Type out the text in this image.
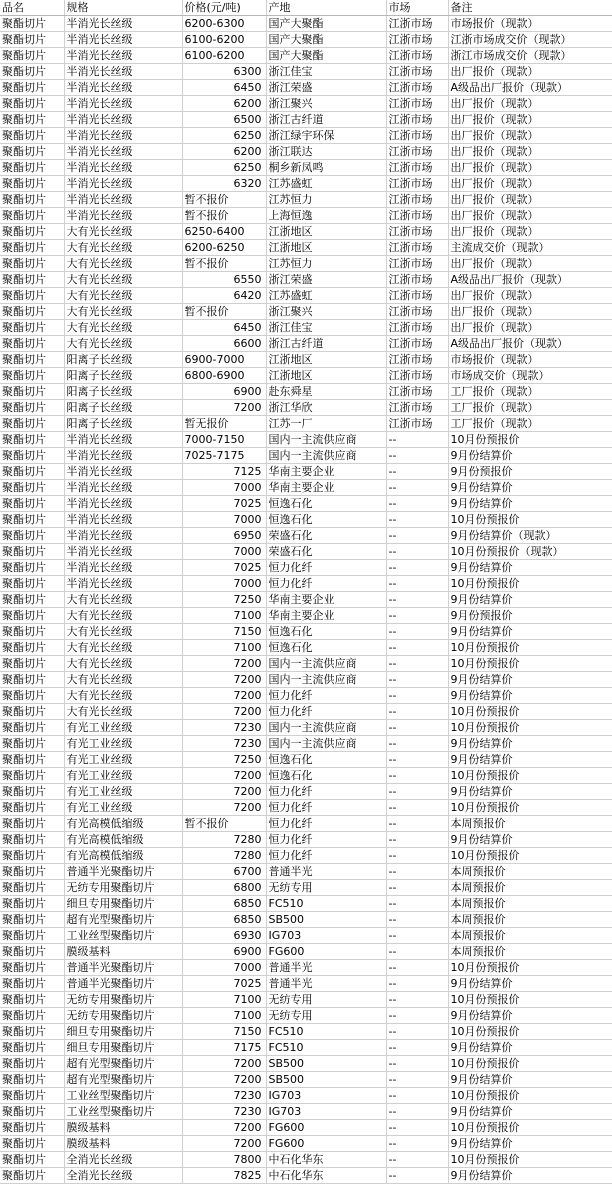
品名	规格	价格(元/吨)	产地	市场	备注
聚酯切片	半消光长丝级	6200-6300	国产大聚酯	江浙市场	市场报价（现款）
聚酯切片	半消光长丝级	6100-6200	国产大聚酯	江浙市场	江浙市场成交价（现款）
聚酯切片	半消光长丝级	6100-6200	国产大聚酯	江浙市场	浙江市场成交价（现款）
聚酯切片	半消光长丝级	6300	浙江佳宝	江浙市场	出厂报价（现款）
聚酯切片	半消光长丝级	6450	浙江荣盛	江浙市场	A级品出厂报价（现款）
聚酯切片	半消光长丝级	6200	浙江聚兴	江浙市场	出厂报价（现款）
聚酯切片	半消光长丝级	6500	浙江古纤道	江浙市场	出厂报价（现款）
聚酯切片	半消光长丝级	6250	浙江绿宇环保	江浙市场	出厂报价（现款）
聚酯切片	半消光长丝级	6200	浙江联达	江浙市场	出厂报价（现款）
聚酯切片	半消光长丝级	6250	桐乡新凤鸣	江浙市场	出厂报价（现款）
聚酯切片	半消光长丝级	6320	江苏盛虹	江浙市场	出厂报价（现款）
聚酯切片	半消光长丝级	暂不报价	江苏恒力	江浙市场	出厂报价（现款）
聚酯切片	半消光长丝级	暂不报价	上海恒逸	江浙市场	出厂报价（现款）
聚酯切片	大有光长丝级	6250-6400	江浙地区	江浙市场	出厂报价（现款）
聚酯切片	大有光长丝级	6200-6250	江浙地区	江浙市场	主流成交价（现款）
聚酯切片	大有光长丝级	暂不报价	江苏恒力	江浙市场	出厂报价（现款）
聚酯切片	大有光长丝级	6550	浙江荣盛	江浙市场	A级品出厂报价（现款）
聚酯切片	大有光长丝级	6420	江苏盛虹	江浙市场	出厂报价（现款）
聚酯切片	大有光长丝级	暂不报价	浙江聚兴	江浙市场	出厂报价（现款）
聚酯切片	大有光长丝级	6450	浙江佳宝	江浙市场	出厂报价（现款）
聚酯切片	大有光长丝级	6600	浙江古纤道	江浙市场	A级品出厂报价（现款）
聚酯切片	阳离子长丝级	6900-7000	江浙地区	江浙市场	市场报价（现款）
聚酯切片	阳离子长丝级	6800-6900	江浙地区	江浙市场	市场成交价（现款）
聚酯切片	阳离子长丝级	6900	赴东舜星	江浙市场	工厂报价（现款）
聚酯切片	阳离子长丝级	7200	浙江华欣	江浙市场	工厂报价（现款）
聚酯切片	阳离子长丝级	暂无报价	江苏一厂	江浙市场	工厂报价（现款）
聚酯切片	半消光长丝级	7000-7150	国内一主流供应商	--	10月份预报价
聚酯切片	半消光长丝级	7025-7175	国内一主流供应商	--	9月份结算价
聚酯切片	半消光长丝级	7125	华南主要企业	--	9月份预报价
聚酯切片	半消光长丝级	7000	华南主要企业	--	9月份结算价
聚酯切片	半消光长丝级	7025	恒逸石化	--	9月份结算价
聚酯切片	半消光长丝级	7000	恒逸石化	--	10月份预报价
聚酯切片	半消光长丝级	6950	荣盛石化	--	9月份结算价（现款）
聚酯切片	半消光长丝级	7000	荣盛石化	--	10月份预报价（现款）
聚酯切片	半消光长丝级	7025	恒力化纤	--	9月份结算价
聚酯切片	半消光长丝级	7000	恒力化纤	--	10月份预报价
聚酯切片	大有光长丝级	7250	华南主要企业	--	9月份结算价
聚酯切片	大有光长丝级	7100	华南主要企业	--	9月份预报价
聚酯切片	大有光长丝级	7150	恒逸石化	--	9月份结算价
聚酯切片	大有光长丝级	7100	恒逸石化	--	10月份预报价
聚酯切片	大有光长丝级	7200	国内一主流供应商	--	10月份预报价
聚酯切片	大有光长丝级	7200	国内一主流供应商	--	9月份结算价
聚酯切片	大有光长丝级	7200	恒力化纤	--	9月份结算价
聚酯切片	大有光长丝级	7200	恒力化纤	--	10月份预报价
聚酯切片	有光工业丝级	7230	国内一主流供应商	--	10月份预报价
聚酯切片	有光工业丝级	7230	国内一主流供应商	--	9月份结算价
聚酯切片	有光工业丝级	7250	恒逸石化	--	9月份结算价
聚酯切片	有光工业丝级	7200	恒逸石化	--	10月份预报价
聚酯切片	有光工业丝级	7200	恒力化纤	--	9月份结算价
聚酯切片	有光工业丝级	7200	恒力化纤	--	10月份预报价
聚酯切片	有光高模低缩级	暂不报价	恒力化纤	--	本周预报价
聚酯切片	有光高模低缩级	7280	恒力化纤	--	9月份结算价
聚酯切片	有光高模低缩级	7280	恒力化纤	--	10月份预报价
聚酯切片	普通半光聚酯切片	6700	普通半光	--	本周预报价
聚酯切片	无纺专用聚酯切片	6800	无纺专用	--	本周预报价
聚酯切片	细旦专用聚酯切片	6850	FC510	--	本周预报价
聚酯切片	超有光型聚酯切片	6850	SB500	--	本周预报价
聚酯切片	工业丝型聚酯切片	6930	IG703	--	本周预报价
聚酯切片	膜级基料	6900	FG600	--	本周预报价
聚酯切片	普通半光聚酯切片	7000	普通半光	--	10月份预报价
聚酯切片	普通半光聚酯切片	7025	普通半光	--	9月份结算价
聚酯切片	无纺专用聚酯切片	7100	无纺专用	--	10月份预报价
聚酯切片	无纺专用聚酯切片	7100	无纺专用	--	9月份结算价
聚酯切片	细旦专用聚酯切片	7150	FC510	--	10月份预报价
聚酯切片	细旦专用聚酯切片	7175	FC510	--	9月份结算价
聚酯切片	超有光型聚酯切片	7200	SB500	--	10月份预报价
聚酯切片	超有光型聚酯切片	7200	SB500	--	9月份结算价
聚酯切片	工业丝型聚酯切片	7230	IG703	--	10月份预报价
聚酯切片	工业丝型聚酯切片	7230	IG703	--	9月份结算价
聚酯切片	膜级基料	7200	FG600	--	10月份预报价
聚酯切片	膜级基料	7200	FG600	--	9月份结算价
聚酯切片	全消光长丝级	7800	中石化华东	--	10月份预报价
聚酯切片	全消光长丝级	7825	中石化华东	--	9月份结算价
